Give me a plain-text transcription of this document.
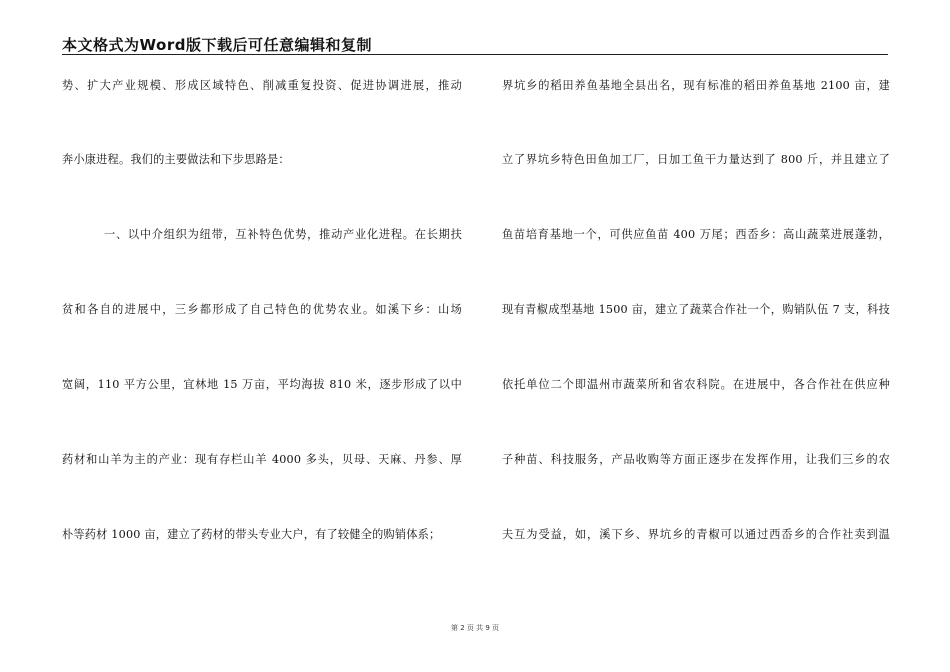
本文格式为Word版下载后可任意编辑和复制
势、扩大产业规模、形成区域特色、削减重复投资、促进协调进展，推动
奔小康进程。我们的主要做法和下步思路是：
一、以中介组织为纽带，互补特色优势，推动产业化进程。在长期扶
贫和各自的进展中，三乡都形成了自己特色的优势农业。如溪下乡：山场
宽阔，110 平方公里，宜林地 15 万亩，平均海拔 810 米，逐步形成了以中
药材和山羊为主的产业：现有存栏山羊 4000 多头，贝母、天麻、丹参、厚
朴等药材 1000 亩，建立了药材的带头专业大户，有了较健全的购销体系；
界坑乡的稻田养鱼基地全县出名，现有标准的稻田养鱼基地 2100 亩，建
立了界坑乡特色田鱼加工厂，日加工鱼干力量达到了 800 斤，并且建立了
鱼苗培育基地一个，可供应鱼苗 400 万尾；西岙乡：高山蔬菜进展蓬勃，
现有青椒成型基地 1500 亩，建立了蔬菜合作社一个，购销队伍 7 支，科技
依托单位二个即温州市蔬菜所和省农科院。在进展中，各合作社在供应种
子种苗、科技服务，产品收购等方面正逐步在发挥作用，让我们三乡的农
夫互为受益，如，溪下乡、界坑乡的青椒可以通过西岙乡的合作社卖到温
第 2 页 共 9 页
